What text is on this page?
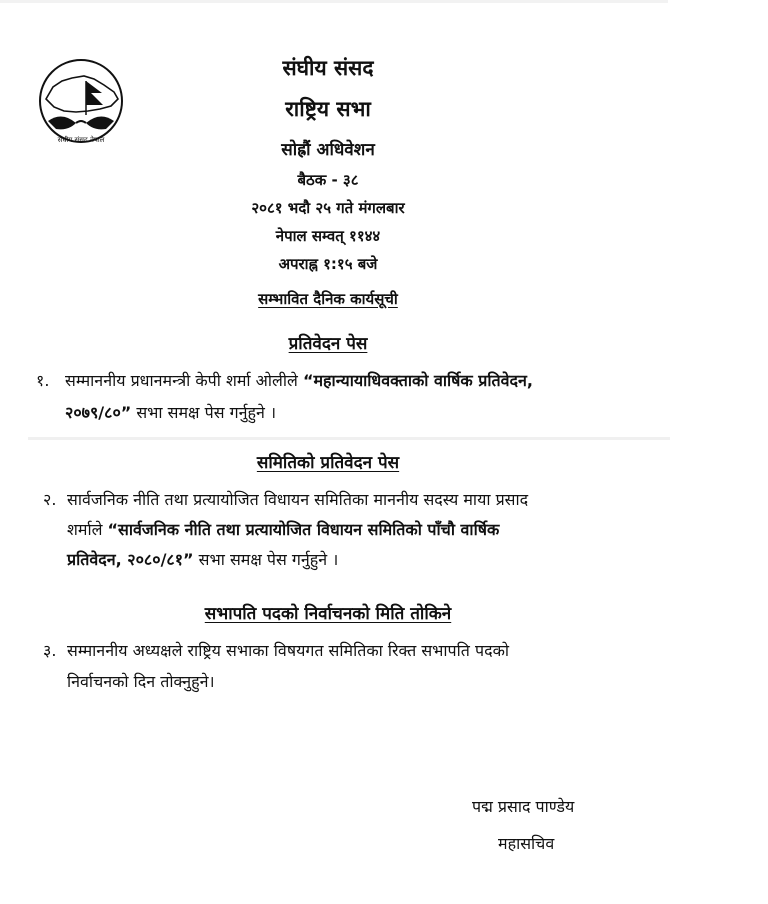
संघीय संसद नेपाल
संघीय संसद
राष्ट्रिय सभा
सोह्रौं अधिवेशन
बैठक - ३८
२०८१ भदौ २५ गते मंगलबार
नेपाल सम्वत् ११४४
अपराह्न १:१५ बजे
सम्भावित दैनिक कार्यसूची
प्रतिवेदन पेस
१. सम्माननीय प्रधानमन्त्री केपी शर्मा ओलीले “महान्यायाधिवक्ताको वार्षिक प्रतिवेदन,
२०७९/८०” सभा समक्ष पेस गर्नुहुने ।
समितिको प्रतिवेदन पेस
२. सार्वजनिक नीति तथा प्रत्यायोजित विधायन समितिका माननीय सदस्य माया प्रसाद
शर्माले “सार्वजनिक नीति तथा प्रत्यायोजित विधायन समितिको पाँचौ वार्षिक
प्रतिवेदन, २०८०/८१” सभा समक्ष पेस गर्नुहुने ।
सभापति पदको निर्वाचनको मिति तोकिने
३. सम्माननीय अध्यक्षले राष्ट्रिय सभाका विषयगत समितिका रिक्त सभापति पदको
निर्वाचनको दिन तोक्नुहुने।
पद्म प्रसाद पाण्डेय
महासचिव
